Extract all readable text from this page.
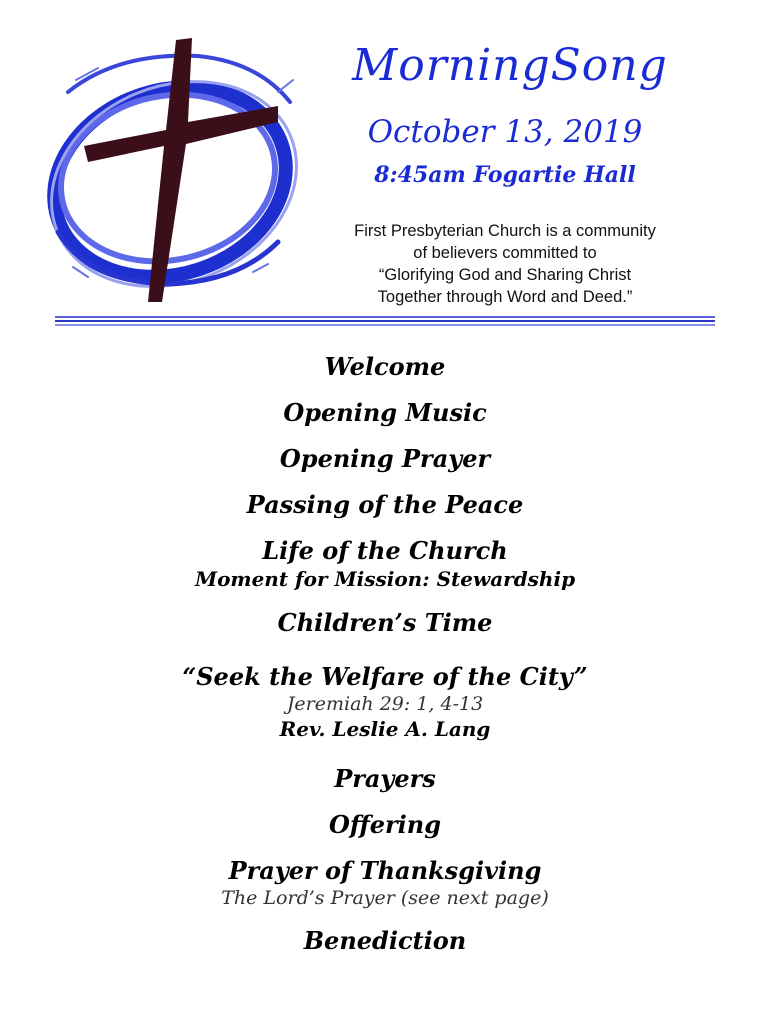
MorningSong
October 13, 2019
8:45am Fogartie Hall
First Presbyterian Church is a community
of believers committed to
“Glorifying God and Sharing Christ
Together through Word and Deed.”

Welcome

Opening Music

Opening Prayer

Passing of the Peace

Life of the Church

Moment for Mission: Stewardship

Children’s Time

“Seek the Welfare of the City”

Jeremiah 29: 1, 4-13

Rev. Leslie A. Lang

Prayers

Offering

Prayer of Thanksgiving

The Lord’s Prayer (see next page)

Benediction
